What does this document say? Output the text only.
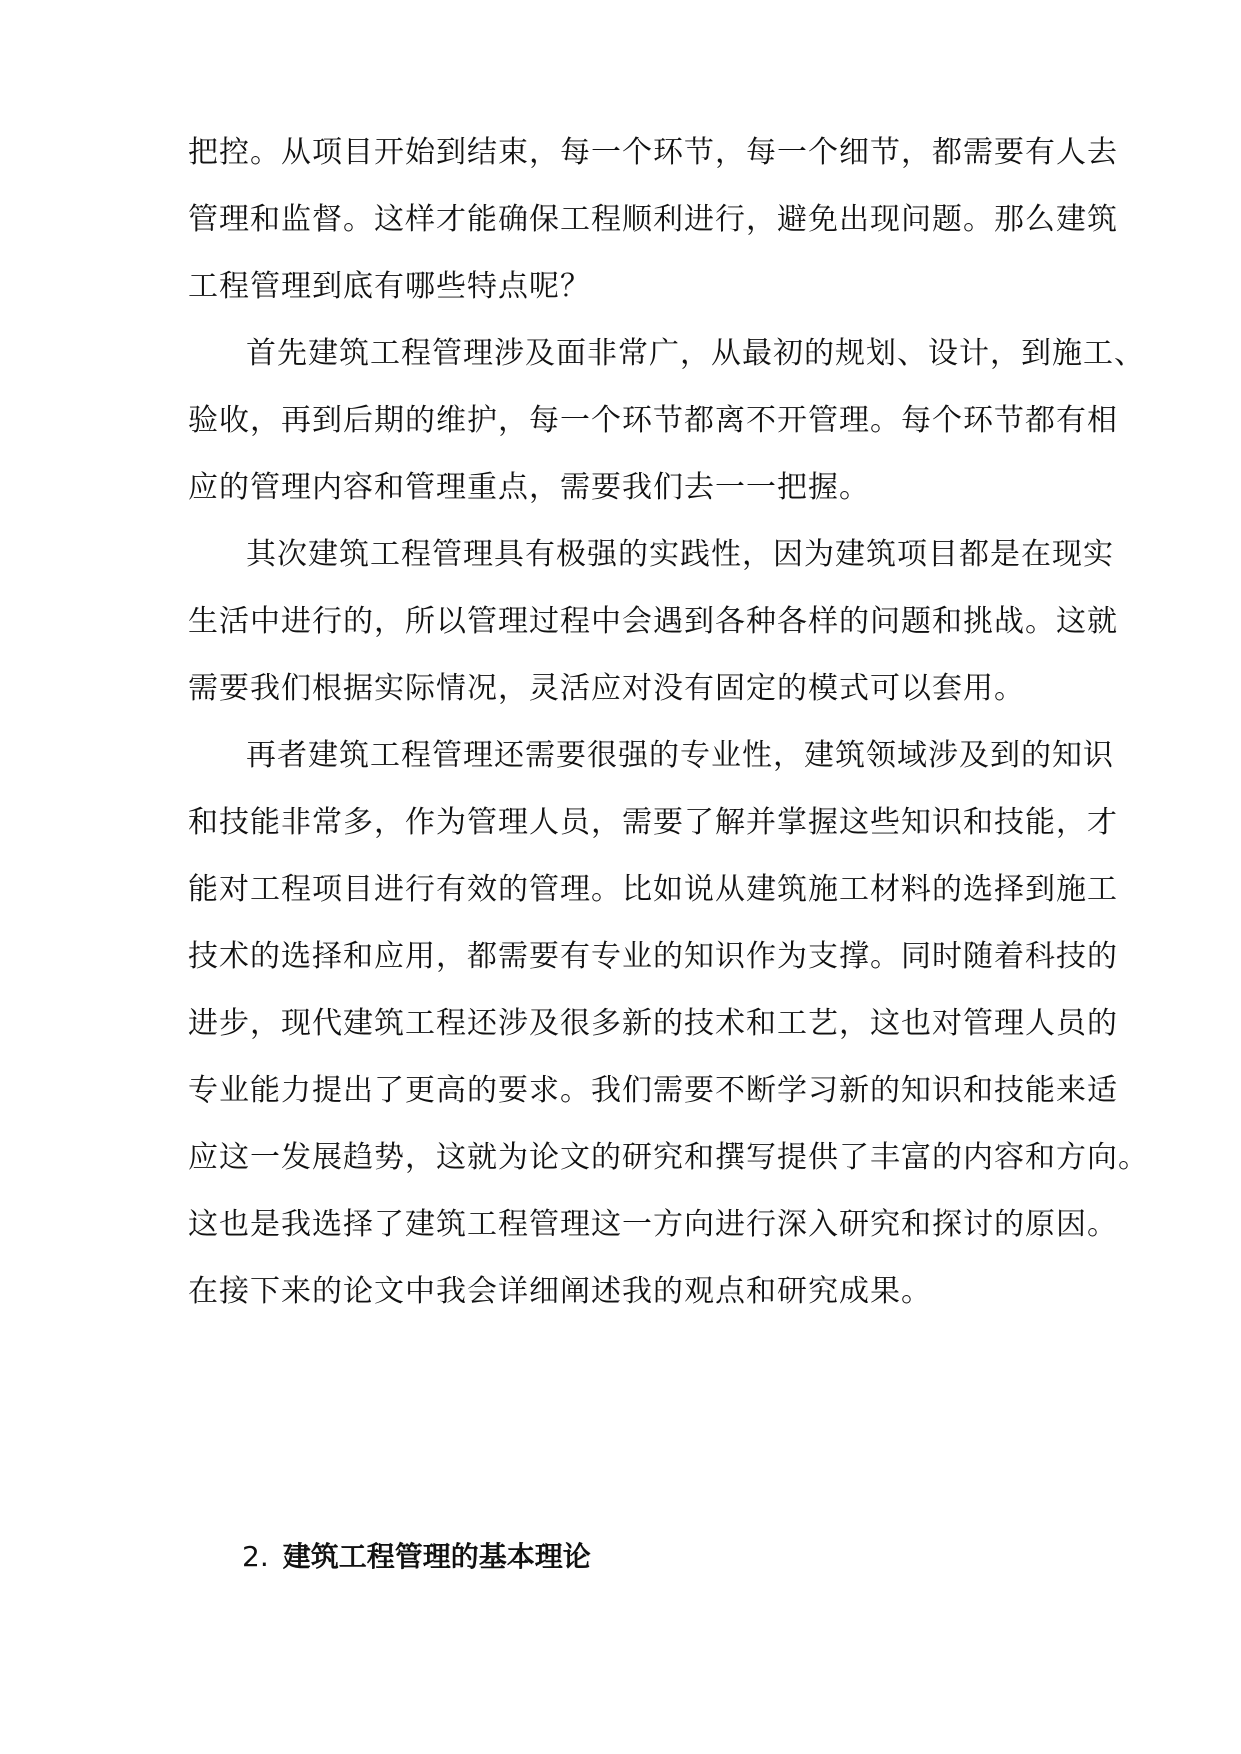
把控。从项目开始到结束，每一个环节，每一个细节，都需要有人去
管理和监督。这样才能确保工程顺利进行，避免出现问题。那么建筑
工程管理到底有哪些特点呢？
首先建筑工程管理涉及面非常广，从最初的规划、设计，到施工、
验收，再到后期的维护，每一个环节都离不开管理。每个环节都有相
应的管理内容和管理重点，需要我们去一一把握。
其次建筑工程管理具有极强的实践性，因为建筑项目都是在现实
生活中进行的，所以管理过程中会遇到各种各样的问题和挑战。这就
需要我们根据实际情况，灵活应对没有固定的模式可以套用。
再者建筑工程管理还需要很强的专业性，建筑领域涉及到的知识
和技能非常多，作为管理人员，需要了解并掌握这些知识和技能，才
能对工程项目进行有效的管理。比如说从建筑施工材料的选择到施工
技术的选择和应用，都需要有专业的知识作为支撑。同时随着科技的
进步，现代建筑工程还涉及很多新的技术和工艺，这也对管理人员的
专业能力提出了更高的要求。我们需要不断学习新的知识和技能来适
应这一发展趋势，这就为论文的研究和撰写提供了丰富的内容和方向。
这也是我选择了建筑工程管理这一方向进行深入研究和探讨的原因。
在接下来的论文中我会详细阐述我的观点和研究成果。
2. 建筑工程管理的基本理论
